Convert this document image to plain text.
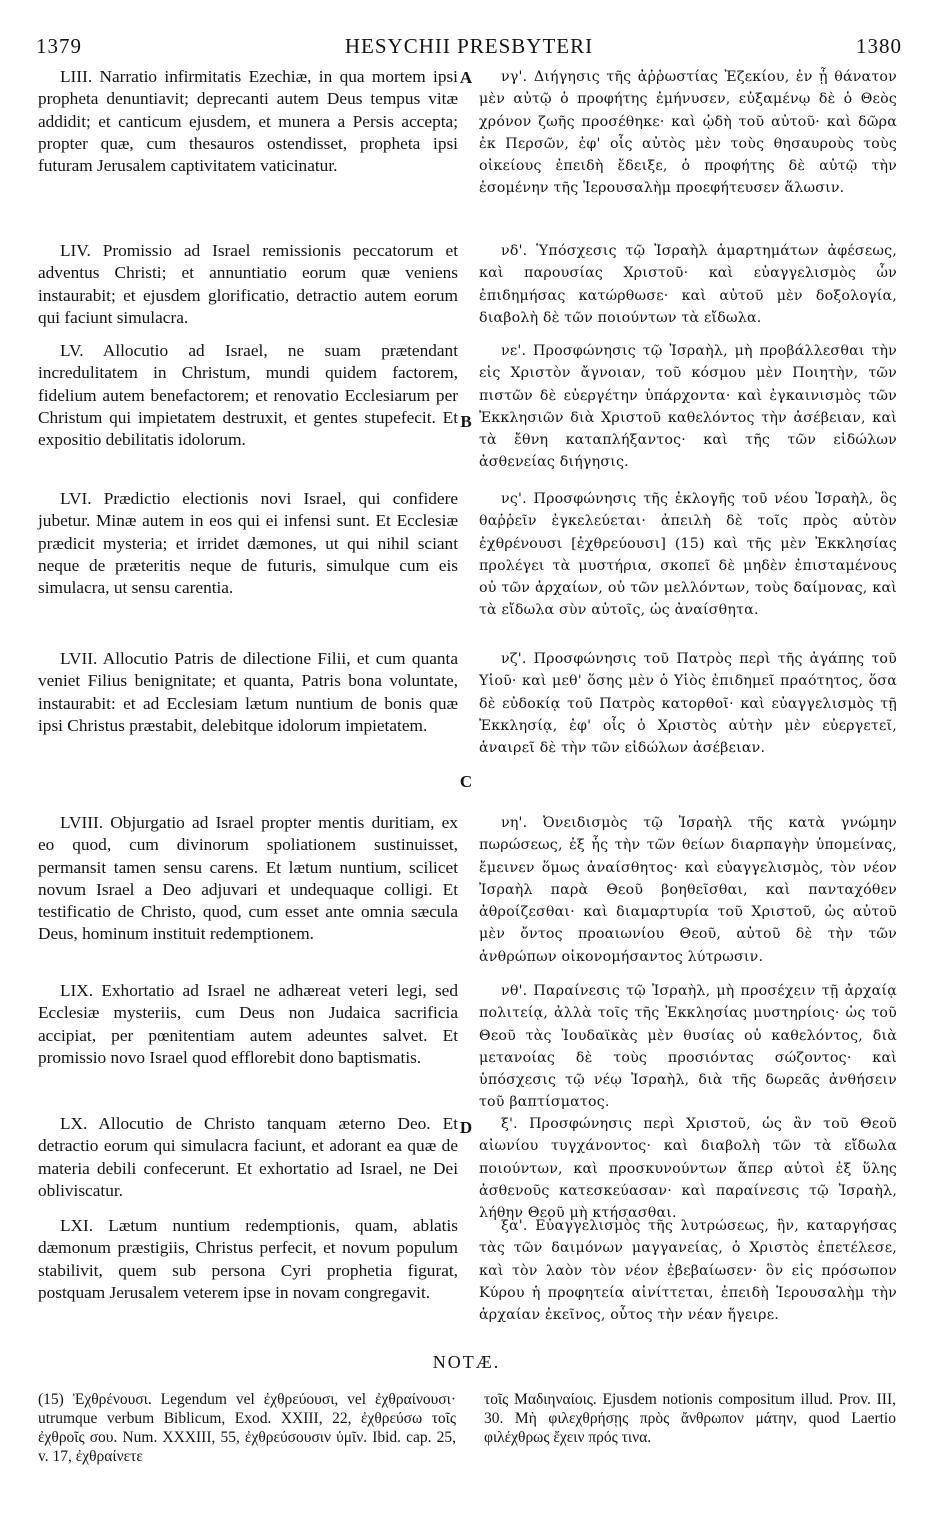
1379	HESYCHII PRESBYTERI	1380

LIII. Narratio infirmitatis Ezechiæ, in qua mortem ipsi propheta denuntiavit; deprecanti autem Deus tempus vitæ addidit; et canticum ejusdem, et munera a Persis accepta; propter quæ, cum thesauros ostendisset, propheta ipsi futuram Jerusalem captivitatem vaticinatur.

LIV. Promissio ad Israel remissionis peccatorum et adventus Christi; et annuntiatio eorum quæ veniens instaurabit; et ejusdem glorificatio, detractio autem eorum qui faciunt simulacra.

LV. Allocutio ad Israel, ne suam prætendant incredulitatem in Christum, mundi quidem factorem, fidelium autem benefactorem; et renovatio Ecclesiarum per Christum qui impietatem destruxit, et gentes stupefecit. Et expositio debilitatis idolorum.

LVI. Prædictio electionis novi Israel, qui confidere jubetur. Minæ autem in eos qui ei infensi sunt. Et Ecclesiæ prædicit mysteria; et irridet dæmones, ut qui nihil sciant neque de præteritis neque de futuris, simulque cum eis simulacra, ut sensu carentia.

LVII. Allocutio Patris de dilectione Filii, et cum quanta veniet Filius benignitate; et quanta, Patris bona voluntate, instaurabit: et ad Ecclesiam lætum nuntium de bonis quæ ipsi Christus præstabit, delebitque idolorum impietatem.

LVIII. Objurgatio ad Israel propter mentis duritiam, ex eo quod, cum divinorum spoliationem sustinuisset, permansit tamen sensu carens. Et lætum nuntium, scilicet novum Israel a Deo adjuvari et undequaque colligi. Et testificatio de Christo, quod, cum esset ante omnia sæcula Deus, hominum instituit redemptionem.

LIX. Exhortatio ad Israel ne adhæreat veteri legi, sed Ecclesiæ mysteriis, cum Deus non Judaica sacrificia accipiat, per pœnitentiam autem adeuntes salvet. Et promissio novo Israel quod efflorebit dono baptismatis.

LX. Allocutio de Christo tanquam æterno Deo. Et detractio eorum qui simulacra faciunt, et adorant ea quæ de materia debili confecerunt. Et exhortatio ad Israel, ne Dei obliviscatur.

LXI. Lætum nuntium redemptionis, quam, ablatis dæmonum præstigiis, Christus perfecit, et novum populum stabilivit, quem sub persona Cyri prophetia figurat, postquam Jerusalem veterem ipse in novam congregavit.

A
B
C
D

νγ'. Διήγησις τῆς ἀῤῥωστίας Ἐζεκίου, ἐν ᾗ θάνατον μὲν αὐτῷ ὁ προφήτης ἐμήνυσεν, εὐξαμένῳ δὲ ὁ Θεὸς χρόνον ζωῆς προσέθηκε· καὶ ᾠδὴ τοῦ αὐτοῦ· καὶ δῶρα ἐκ Περσῶν, ἐφ' οἷς αὐτὸς μὲν τοὺς θησαυροὺς τοὺς οἰκείους ἐπειδὴ ἔδειξε, ὁ προφήτης δὲ αὐτῷ τὴν ἐσομένην τῆς Ἱερουσαλὴμ προεφήτευσεν ἅλωσιν.

νδ'. Ὑπόσχεσις τῷ Ἰσραὴλ ἁμαρτημάτων ἀφέσεως, καὶ παρουσίας Χριστοῦ· καὶ εὐαγγελισμὸς ὧν ἐπιδημήσας κατώρθωσε· καὶ αὐτοῦ μὲν δοξολογία, διαβολὴ δὲ τῶν ποιούντων τὰ εἴδωλα.

νε'. Προσφώνησις τῷ Ἰσραὴλ, μὴ προβάλλεσθαι τὴν εἰς Χριστὸν ἄγνοιαν, τοῦ κόσμου μὲν Ποιητὴν, τῶν πιστῶν δὲ εὐεργέτην ὑπάρχοντα· καὶ ἐγκαινισμὸς τῶν Ἐκκλησιῶν διὰ Χριστοῦ καθελόντος τὴν ἀσέβειαν, καὶ τὰ ἔθνη καταπλήξαντος· καὶ τῆς τῶν εἰδώλων ἀσθενείας διήγησις.

νς'. Προσφώνησις τῆς ἐκλογῆς τοῦ νέου Ἰσραὴλ, ὃς θαῤῥεῖν ἐγκελεύεται· ἀπειλὴ δὲ τοῖς πρὸς αὐτὸν ἐχθρένουσι [ἐχθρεύουσι] (15) καὶ τῆς μὲν Ἐκκλησίας προλέγει τὰ μυστήρια, σκοπεῖ δὲ μηδὲν ἐπισταμένους οὐ τῶν ἀρχαίων, οὐ τῶν μελλόντων, τοὺς δαίμονας, καὶ τὰ εἴδωλα σὺν αὐτοῖς, ὡς ἀναίσθητα.

νζ'. Προσφώνησις τοῦ Πατρὸς περὶ τῆς ἀγάπης τοῦ Υἱοῦ· καὶ μεθ' ὅσης μὲν ὁ Υἱὸς ἐπιδημεῖ πραότητος, ὅσα δὲ εὐδοκίᾳ τοῦ Πατρὸς κατορθοῖ· καὶ εὐαγγελισμὸς τῇ Ἐκκλησίᾳ, ἐφ' οἷς ὁ Χριστὸς αὐτὴν μὲν εὐεργετεῖ, ἀναιρεῖ δὲ τὴν τῶν εἰδώλων ἀσέβειαν.

νη'. Ὀνειδισμὸς τῷ Ἰσραὴλ τῆς κατὰ γνώμην πωρώσεως, ἐξ ἧς τὴν τῶν θείων διαρπαγὴν ὑπομείνας, ἔμεινεν ὅμως ἀναίσθητος· καὶ εὐαγγελισμὸς, τὸν νέον Ἰσραὴλ παρὰ Θεοῦ βοηθεῖσθαι, καὶ πανταχόθεν ἀθροίζεσθαι· καὶ διαμαρτυρία τοῦ Χριστοῦ, ὡς αὐτοῦ μὲν ὄντος προαιωνίου Θεοῦ, αὐτοῦ δὲ τὴν τῶν ἀνθρώπων οἰκονομήσαντος λύτρωσιν.

νθ'. Παραίνεσις τῷ Ἰσραὴλ, μὴ προσέχειν τῇ ἀρχαίᾳ πολιτείᾳ, ἀλλὰ τοῖς τῆς Ἐκκλησίας μυστηρίοις· ὡς τοῦ Θεοῦ τὰς Ἰουδαϊκὰς μὲν θυσίας οὐ καθελόντος, διὰ μετανοίας δὲ τοὺς προσιόντας σώζοντος· καὶ ὑπόσχεσις τῷ νέῳ Ἰσραὴλ, διὰ τῆς δωρεᾶς ἀνθήσειν τοῦ βαπτίσματος.

ξ'. Προσφώνησις περὶ Χριστοῦ, ὡς ἂν τοῦ Θεοῦ αἰωνίου τυγχάνοντος· καὶ διαβολὴ τῶν τὰ εἴδωλα ποιούντων, καὶ προσκυνούντων ἅπερ αὐτοὶ ἐξ ὕλης ἀσθενοῦς κατεσκεύασαν· καὶ παραίνεσις τῷ Ἰσραὴλ, λήθην Θεοῦ μὴ κτήσασθαι.

ξα'. Εὐαγγελισμὸς τῆς λυτρώσεως, ἣν, καταργήσας τὰς τῶν δαιμόνων μαγγανείας, ὁ Χριστὸς ἐπετέλεσε, καὶ τὸν λαὸν τὸν νέον ἐβεβαίωσεν· ὃν εἰς πρόσωπον Κύρου ἡ προφητεία αἰνίττεται, ἐπειδὴ Ἱερουσαλὴμ τὴν ἀρχαίαν ἐκεῖνος, οὗτος τὴν νέαν ἤγειρε.

NOTÆ.
(15) Ἐχθρένουσι. Legendum vel ἐχθρεύουσι, vel ἐχθραίνουσι· utrumque verbum Biblicum, Exod. XXIII, 22, ἐχθρεύσω τοῖς ἐχθροῖς σου. Num. XXXIII, 55, ἐχθρεύσουσιν ὑμῖν. Ibid. cap. 25, v. 17, ἐχθραίνετε
τοῖς Μαδιηναίοις. Ejusdem notionis compositum illud. Prov. III, 30. Μὴ φιλεχθρήσῃς πρὸς ἄνθρωπον μάτην, quod Laertio φιλέχθρως ἔχειν πρός τινα.
